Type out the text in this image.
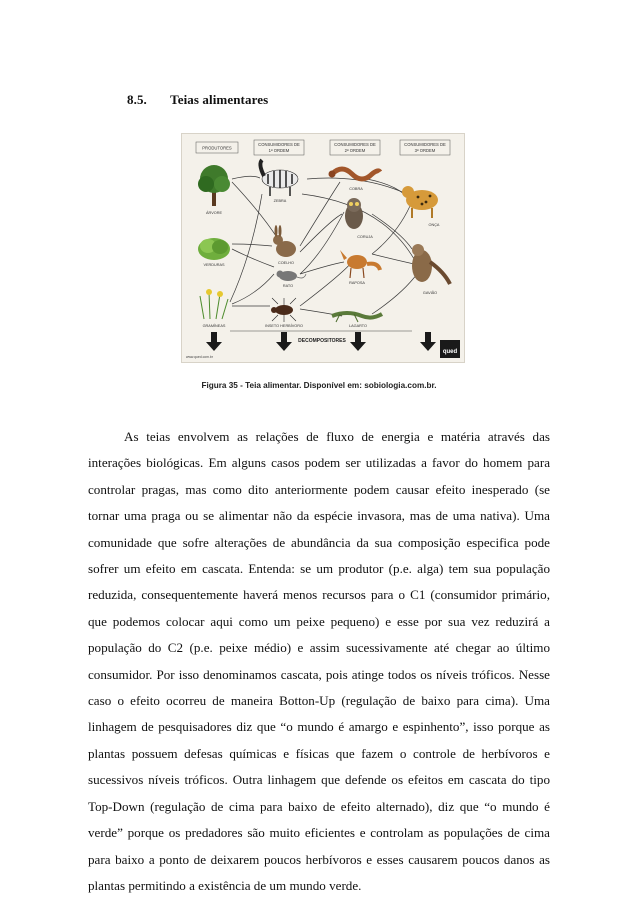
8.5. Teias alimentares
PRODUTORES
CONSUMIDORES DE
1ª ORDEM
CONSUMIDORES DE
2ª ORDEM
CONSUMIDORES DE
3ª ORDEM
ÁRVORE
VERDURAS
GRAMÍNEAS
ZEBRA
COELHO
RATO
INSETO HERBÍVORO
COBRA
CORUJA
RAPOSA
LAGARTO
ONÇA
GAVIÃO
DECOMPOSITORES
www.qued.com.br
qued
Figura 35 - Teia alimentar. Disponível em: sobiologia.com.br.

As teias envolvem as relações de fluxo de energia e matéria através das interações biológicas. Em alguns casos podem ser utilizadas a favor do homem para controlar pragas, mas como dito anteriormente podem causar efeito inesperado (se tornar uma praga ou se alimentar não da espécie invasora, mas de uma nativa). Uma comunidade que sofre alterações de abundância da sua composição especifica pode sofrer um efeito em cascata. Entenda: se um produtor (p.e. alga) tem sua população reduzida, consequentemente haverá menos recursos para o C1 (consumidor primário, que podemos colocar aqui como um peixe pequeno) e esse por sua vez reduzirá a população do C2 (p.e. peixe médio) e assim sucessivamente até chegar ao último consumidor. Por isso denominamos cascata, pois atinge todos os níveis tróficos. Nesse caso o efeito ocorreu de maneira Botton-Up (regulação de baixo para cima). Uma linhagem de pesquisadores diz que “o mundo é amargo e espinhento”, isso porque as plantas possuem defesas químicas e físicas que fazem o controle de herbívoros e sucessivos níveis tróficos. Outra linhagem que defende os efeitos em cascata do tipo Top-Down (regulação de cima para baixo de efeito alternado), diz que “o mundo é verde” porque os predadores são muito eficientes e controlam as populações de cima para baixo a ponto de deixarem poucos herbívoros e esses causarem poucos danos as plantas permitindo a existência de um mundo verde.
